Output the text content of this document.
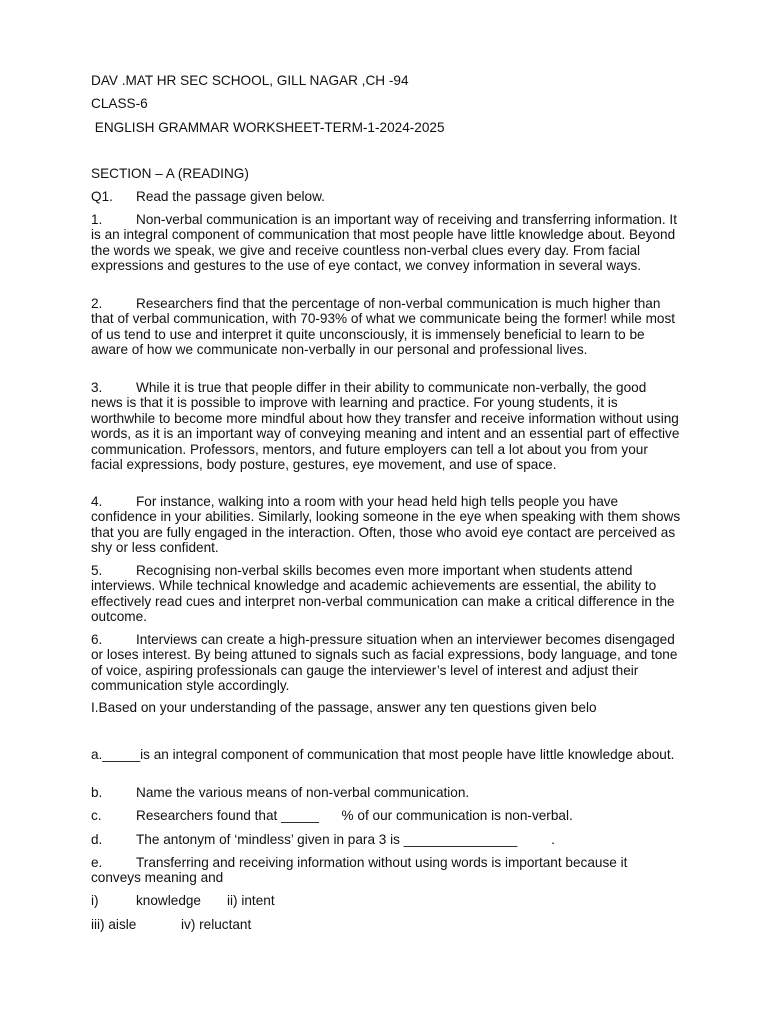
DAV .MAT HR SEC SCHOOL, GILL NAGAR ,CH -94
CLASS-6
ENGLISH GRAMMAR WORKSHEET-TERM-1-2024-2025
SECTION – A (READING)
Q1. Read the passage given below.

1. Non-verbal communication is an important way of receiving and transferring information. It is an integral component of communication that most people have little knowledge about. Beyond the words we speak, we give and receive countless non-verbal clues every day. From facial expressions and gestures to the use of eye contact, we convey information in several ways.

2. Researchers find that the percentage of non-verbal communication is much higher than that of verbal communication, with 70-93% of what we communicate being the former! while most of us tend to use and interpret it quite unconsciously, it is immensely beneficial to learn to be aware of how we communicate non-verbally in our personal and professional lives.

3. While it is true that people differ in their ability to communicate non-verbally, the good news is that it is possible to improve with learning and practice. For young students, it is worthwhile to become more mindful about how they transfer and receive information without using words, as it is an important way of conveying meaning and intent and an essential part of effective communication. Professors, mentors, and future employers can tell a lot about you from your facial expressions, body posture, gestures, eye movement, and use of space.

4. For instance, walking into a room with your head held high tells people you have confidence in your abilities. Similarly, looking someone in the eye when speaking with them shows that you are fully engaged in the interaction. Often, those who avoid eye contact are perceived as shy or less confident.

5. Recognising non-verbal skills becomes even more important when students attend interviews. While technical knowledge and academic achievements are essential, the ability to effectively read cues and interpret non-verbal communication can make a critical difference in the outcome.

6. Interviews can create a high-pressure situation when an interviewer becomes disengaged or loses interest. By being attuned to signals such as facial expressions, body language, and tone of voice, aspiring professionals can gauge the interviewer’s level of interest and adjust their communication style accordingly.

I.Based on your understanding of the passage, answer any ten questions given belo

a._____is an integral component of communication that most people have little knowledge about.

b. Name the various means of non-verbal communication.
c.	Researchers found that _____      % of our communication is non-verbal.
d. The antonym of ‘mindless’ given in para 3 is _______________         .

e. Transferring and receiving information without using words is important because it conveys meaning and

i)	knowledge ii) intent
iii) aisle	iv) reluctant
